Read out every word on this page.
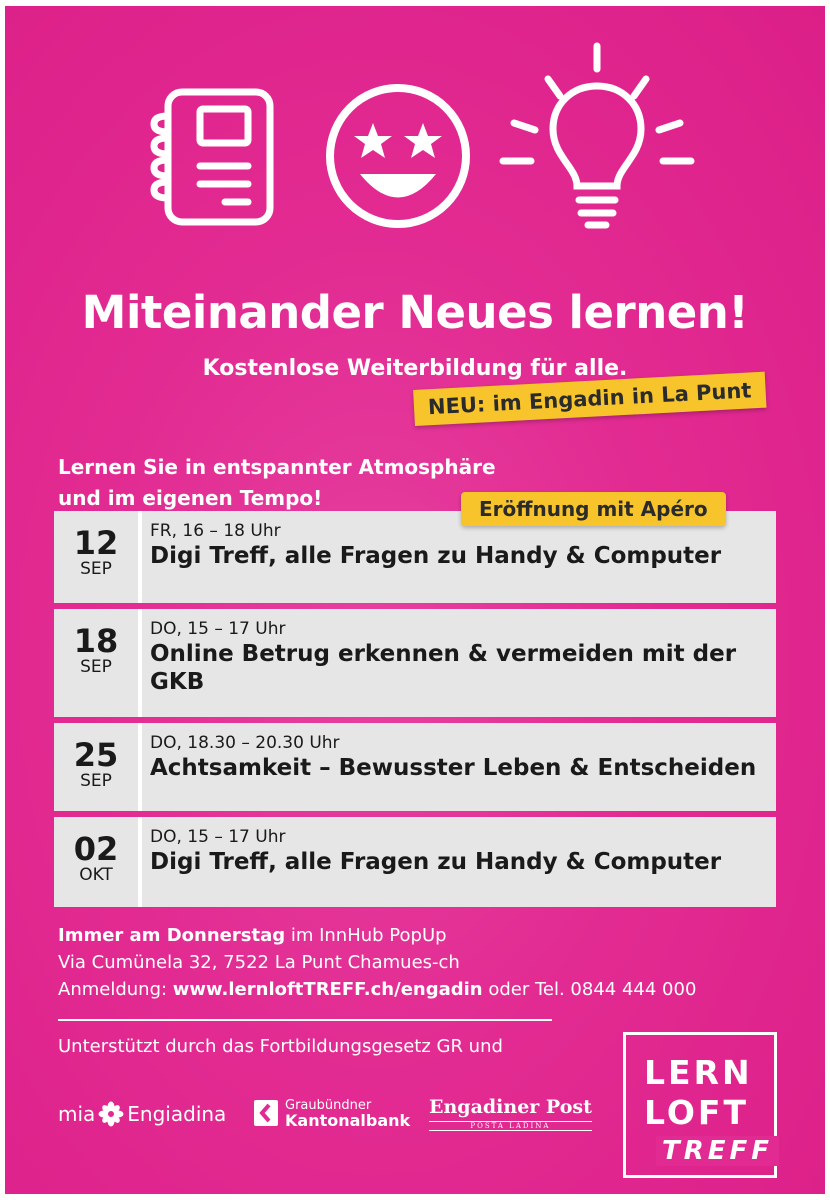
Miteinander Neues lernen!
Kostenlose Weiterbildung für alle.
NEU: im Engadin in La Punt
Lernen Sie in entspannter Atmosphäre
und im eigenen Tempo!	Eröffnung mit Apéro
12
SEP
FR, 16 – 18 Uhr
Digi Treff, alle Fragen zu Handy & Computer
18
SEP
DO, 15 – 17 Uhr
Online Betrug erkennen & vermeiden mit der GKB
25
SEP
DO, 18.30 – 20.30 Uhr
Achtsamkeit – Bewusster Leben & Entscheiden
02
OKT
DO, 15 – 17 Uhr
Digi Treff, alle Fragen zu Handy & Computer
Immer am Donnerstag im InnHub PopUp
Via Cumünela 32, 7522 La Punt Chamues-ch
Anmeldung: www.lernloftTREFF.ch/engadin oder Tel. 0844 444 000
Unterstützt durch das Fortbildungsgesetz GR und
mia Engiadina	Graubündner
Kantonalbank
Engadiner Post
POSTA LADINA
LERN
LOFT
TREFF
